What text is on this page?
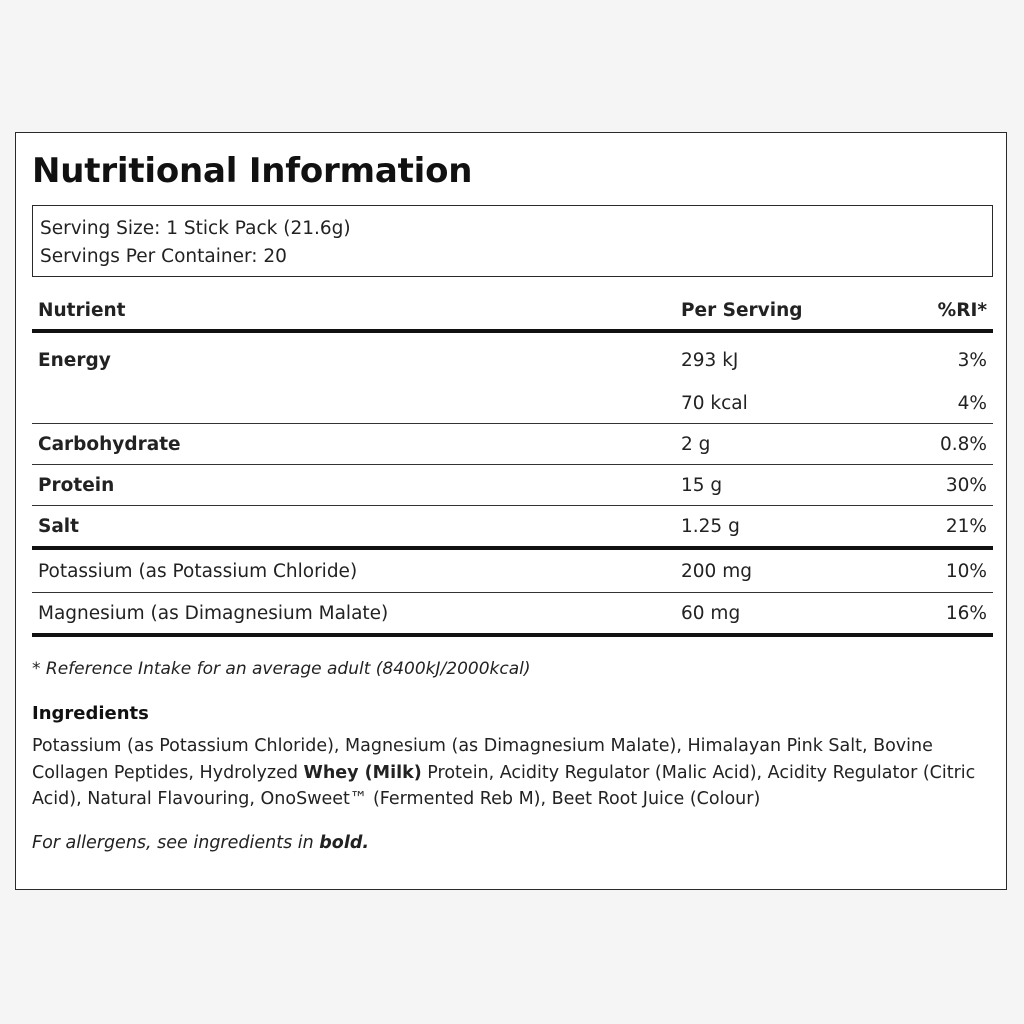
Nutritional Information
Serving Size: 1 Stick Pack (21.6g)
Servings Per Container: 20
Nutrient	Per Serving	%RI*
Energy	293 kJ	3%
	70 kcal	4%
Carbohydrate	2 g	0.8%
Protein	15 g	30%
Salt	1.25 g	21%
Potassium (as Potassium Chloride)	200 mg	10%
Magnesium (as Dimagnesium Malate)	60 mg	16%
* Reference Intake for an average adult (8400kJ/2000kcal)
Ingredients
Potassium (as Potassium Chloride), Magnesium (as Dimagnesium Malate), Himalayan Pink Salt, Bovine Collagen Peptides, Hydrolyzed Whey (Milk) Protein, Acidity Regulator (Malic Acid), Acidity Regulator (Citric Acid), Natural Flavouring, OnoSweet™ (Fermented Reb M), Beet Root Juice (Colour)
For allergens, see ingredients in bold.
